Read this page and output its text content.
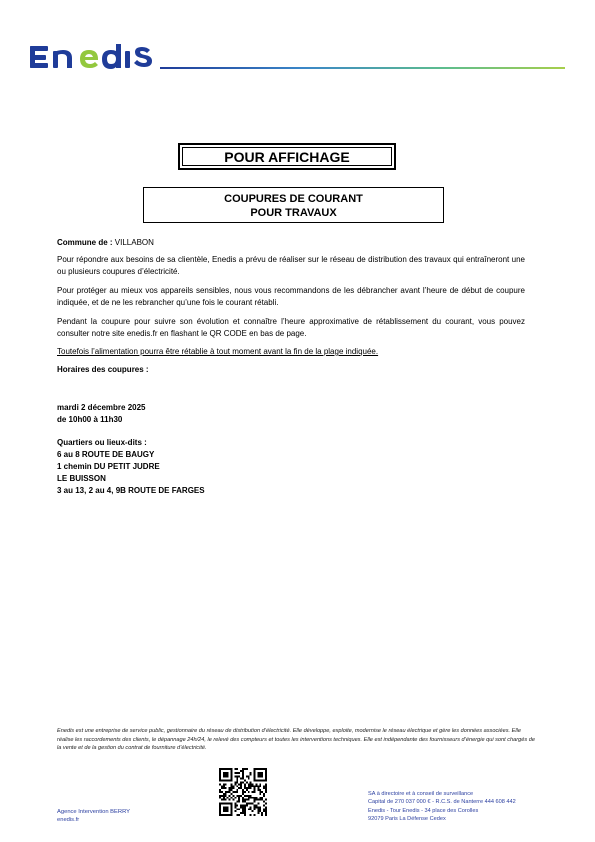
POUR AFFICHAGE
COUPURES DE COURANT
POUR TRAVAUX
Commune de : VILLABON
Pour répondre aux besoins de sa clientèle, Enedis a prévu de réaliser sur le réseau de distribution des travaux qui entraîneront une ou plusieurs coupures d’électricité.
Pour protéger au mieux vos appareils sensibles, nous vous recommandons de les débrancher avant l’heure de début de coupure indiquée, et de ne les rebrancher qu’une fois le courant rétabli.
Pendant la coupure pour suivre son évolution et connaître l’heure approximative de rétablissement du courant, vous pouvez consulter notre site enedis.fr en flashant le QR CODE en bas de page.
Toutefois l’alimentation pourra être rétablie à tout moment avant la fin de la plage indiquée.
Horaires des coupures :
mardi 2 décembre 2025
de 10h00 à 11h30
Quartiers ou lieux-dits :
6 au 8 ROUTE DE BAUGY
1 chemin DU PETIT JUDRE
LE BUISSON
3 au 13, 2 au 4, 9B ROUTE DE FARGES
Enedis est une entreprise de service public, gestionnaire du réseau de distribution d’électricité. Elle développe, exploite, modernise le réseau électrique et gère les données associées. Elle réalise les raccordements des clients, le dépannage 24h/24, le relevé des compteurs et toutes les interventions techniques. Elle est indépendante des fournisseurs d’énergie qui sont chargés de la vente et de la gestion du contrat de fourniture d’électricité.
Agence Intervention BERRY
enedis.fr
SA à directoire et à conseil de surveillance
Capital de 270 037 000 € - R.C.S. de Nanterre 444 608 442
Enedis - Tour Enedis - 34 place des Corolles
92079 Paris La Défense Cedex
